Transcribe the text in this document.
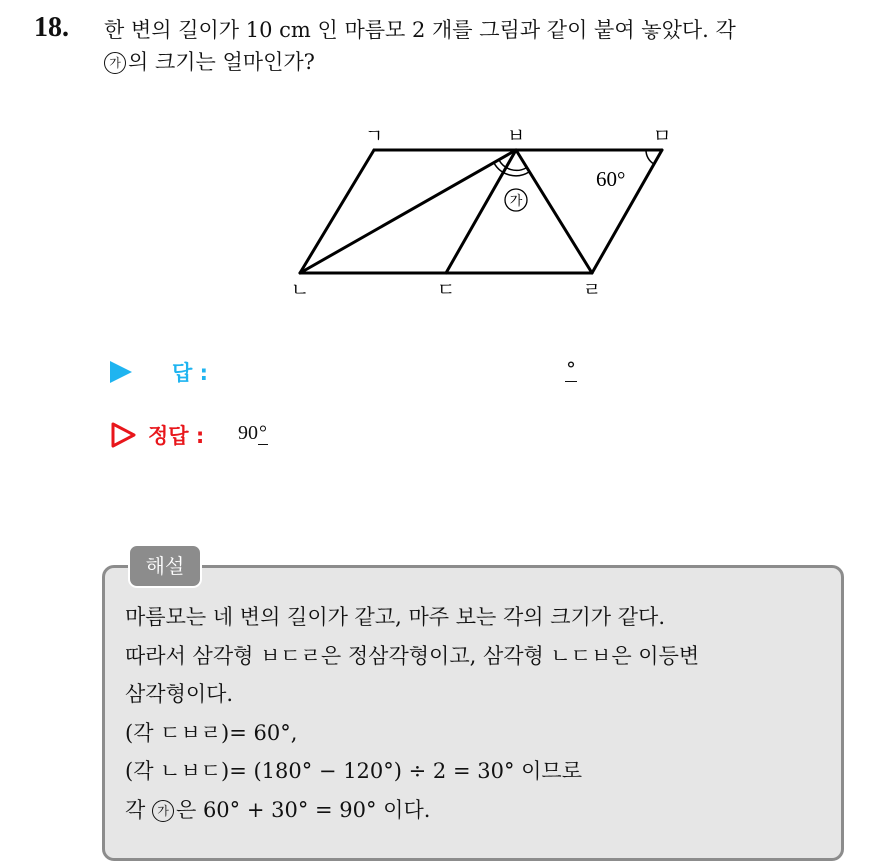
18. 한 변의 길이가 10 cm 인 마름모 2 개를 그림과 같이 붙여 놓았다. 각
가 의 크기는 얼마인가?
가
60°
ㄱ	ㅂ	ㅁ
ㄴ	ㄷ	ㄹ
답 :	°
정답 : 90°
해설
마름모는 네 변의 길이가 같고, 마주 보는 각의 크기가 같다.
따라서 삼각형 ㅂㄷㄹ은 정삼각형이고, 삼각형 ㄴㄷㅂ은 이등변
삼각형이다.
(각 ㄷㅂㄹ)= 60°,
(각 ㄴㅂㄷ)= (180° − 120°) ÷ 2 = 30° 이므로
각 가 은 60° + 30° = 90° 이다.
